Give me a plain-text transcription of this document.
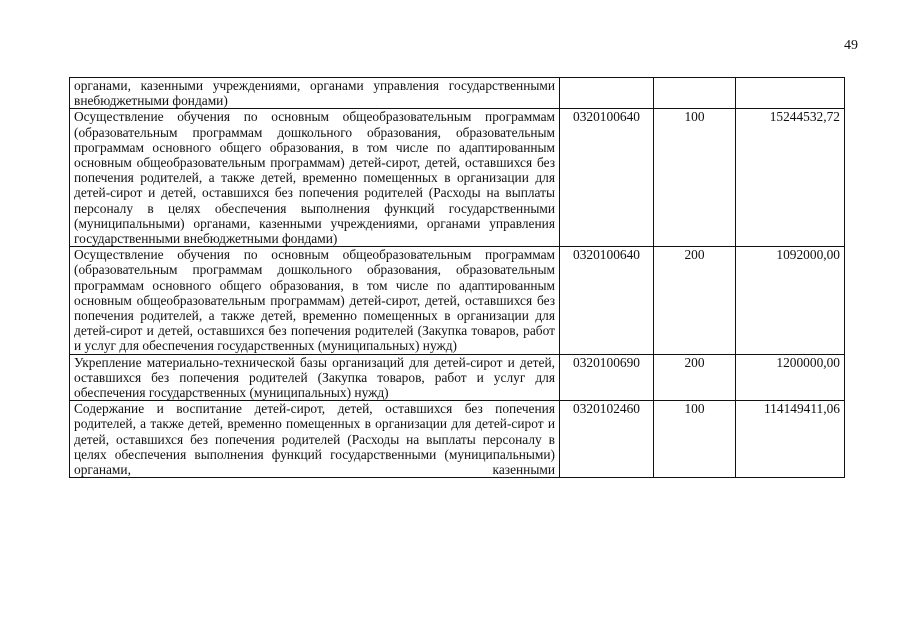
49
органами, казенными учреждениями, органами управления государственными внебюджетными фондами)			
Осуществление обучения по основным общеобразовательным программам (образовательным программам дошкольного образования, образовательным программам основного общего образования, в том числе по адаптированным основным общеобразовательным программам) детей-сирот, детей, оставшихся без попечения родителей, а также детей, временно помещенных в организации для детей-сирот и детей, оставшихся без попечения родителей (Расходы на выплаты персоналу в целях обеспечения выполнения функций государственными (муниципальными) органами, казенными учреждениями, органами управления государственными внебюджетными фондами)	0320100640	100	15244532,72
Осуществление обучения по основным общеобразовательным программам (образовательным программам дошкольного образования, образовательным программам основного общего образования, в том числе по адаптированным основным общеобразовательным программам) детей-сирот, детей, оставшихся без попечения родителей, а также детей, временно помещенных в организации для детей-сирот и детей, оставшихся без попечения родителей (Закупка товаров, работ и услуг для обеспечения государственных (муниципальных) нужд)	0320100640	200	1092000,00
Укрепление материально-технической базы организаций для детей-сирот и детей, оставшихся без попечения родителей (Закупка товаров, работ и услуг для обеспечения государственных (муниципальных) нужд)	0320100690	200	1200000,00
Содержание и воспитание детей-сирот, детей, оставшихся без попечения родителей, а также детей, временно помещенных в организации для детей-сирот и детей, оставшихся без попечения родителей (Расходы на выплаты персоналу в целях обеспечения выполнения функций государственными (муниципальными) органами, казенными	0320102460	100	114149411,06
